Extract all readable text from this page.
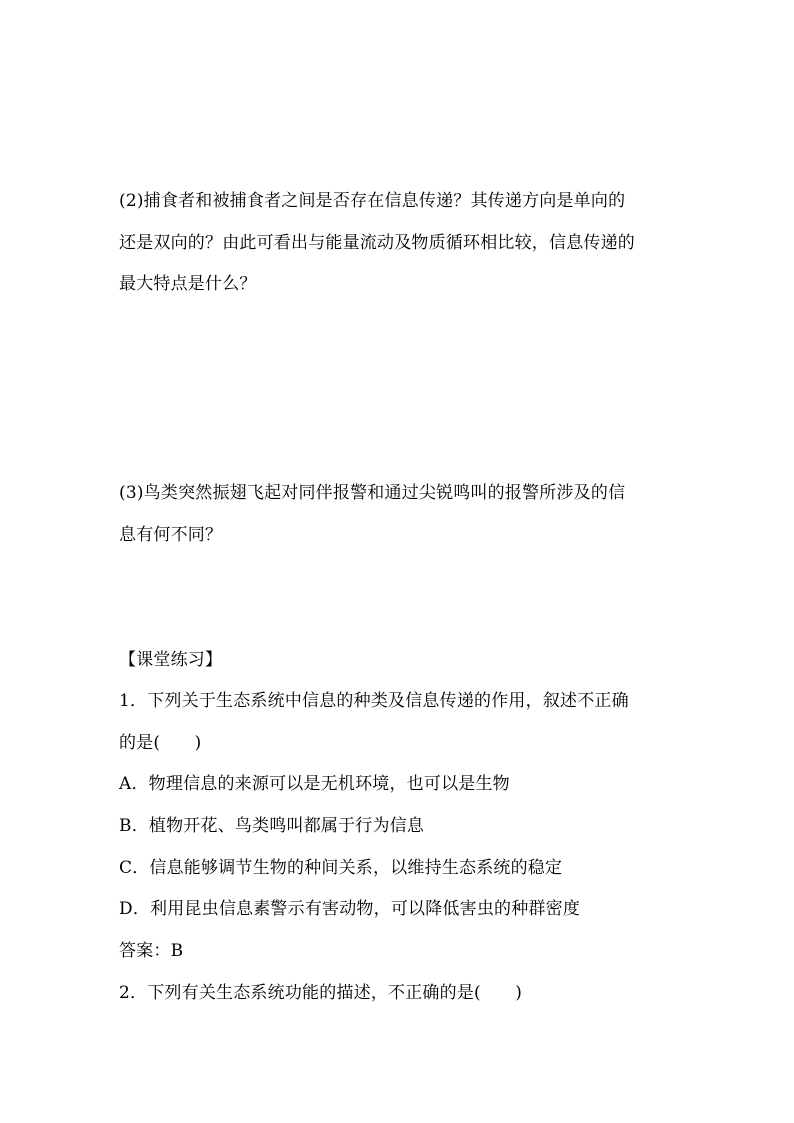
(2)捕食者和被捕食者之间是否存在信息传递？其传递方向是单向的
还是双向的？由此可看出与能量流动及物质循环相比较，信息传递的
最大特点是什么？
(3)鸟类突然振翅飞起对同伴报警和通过尖锐鸣叫的报警所涉及的信
息有何不同？
【课堂练习】
1．下列关于生态系统中信息的种类及信息传递的作用，叙述不正确
的是(　　)
A．物理信息的来源可以是无机环境，也可以是生物
B．植物开花、鸟类鸣叫都属于行为信息
C．信息能够调节生物的种间关系，以维持生态系统的稳定
D．利用昆虫信息素警示有害动物，可以降低害虫的种群密度
答案：B
2．下列有关生态系统功能的描述，不正确的是(　　)
